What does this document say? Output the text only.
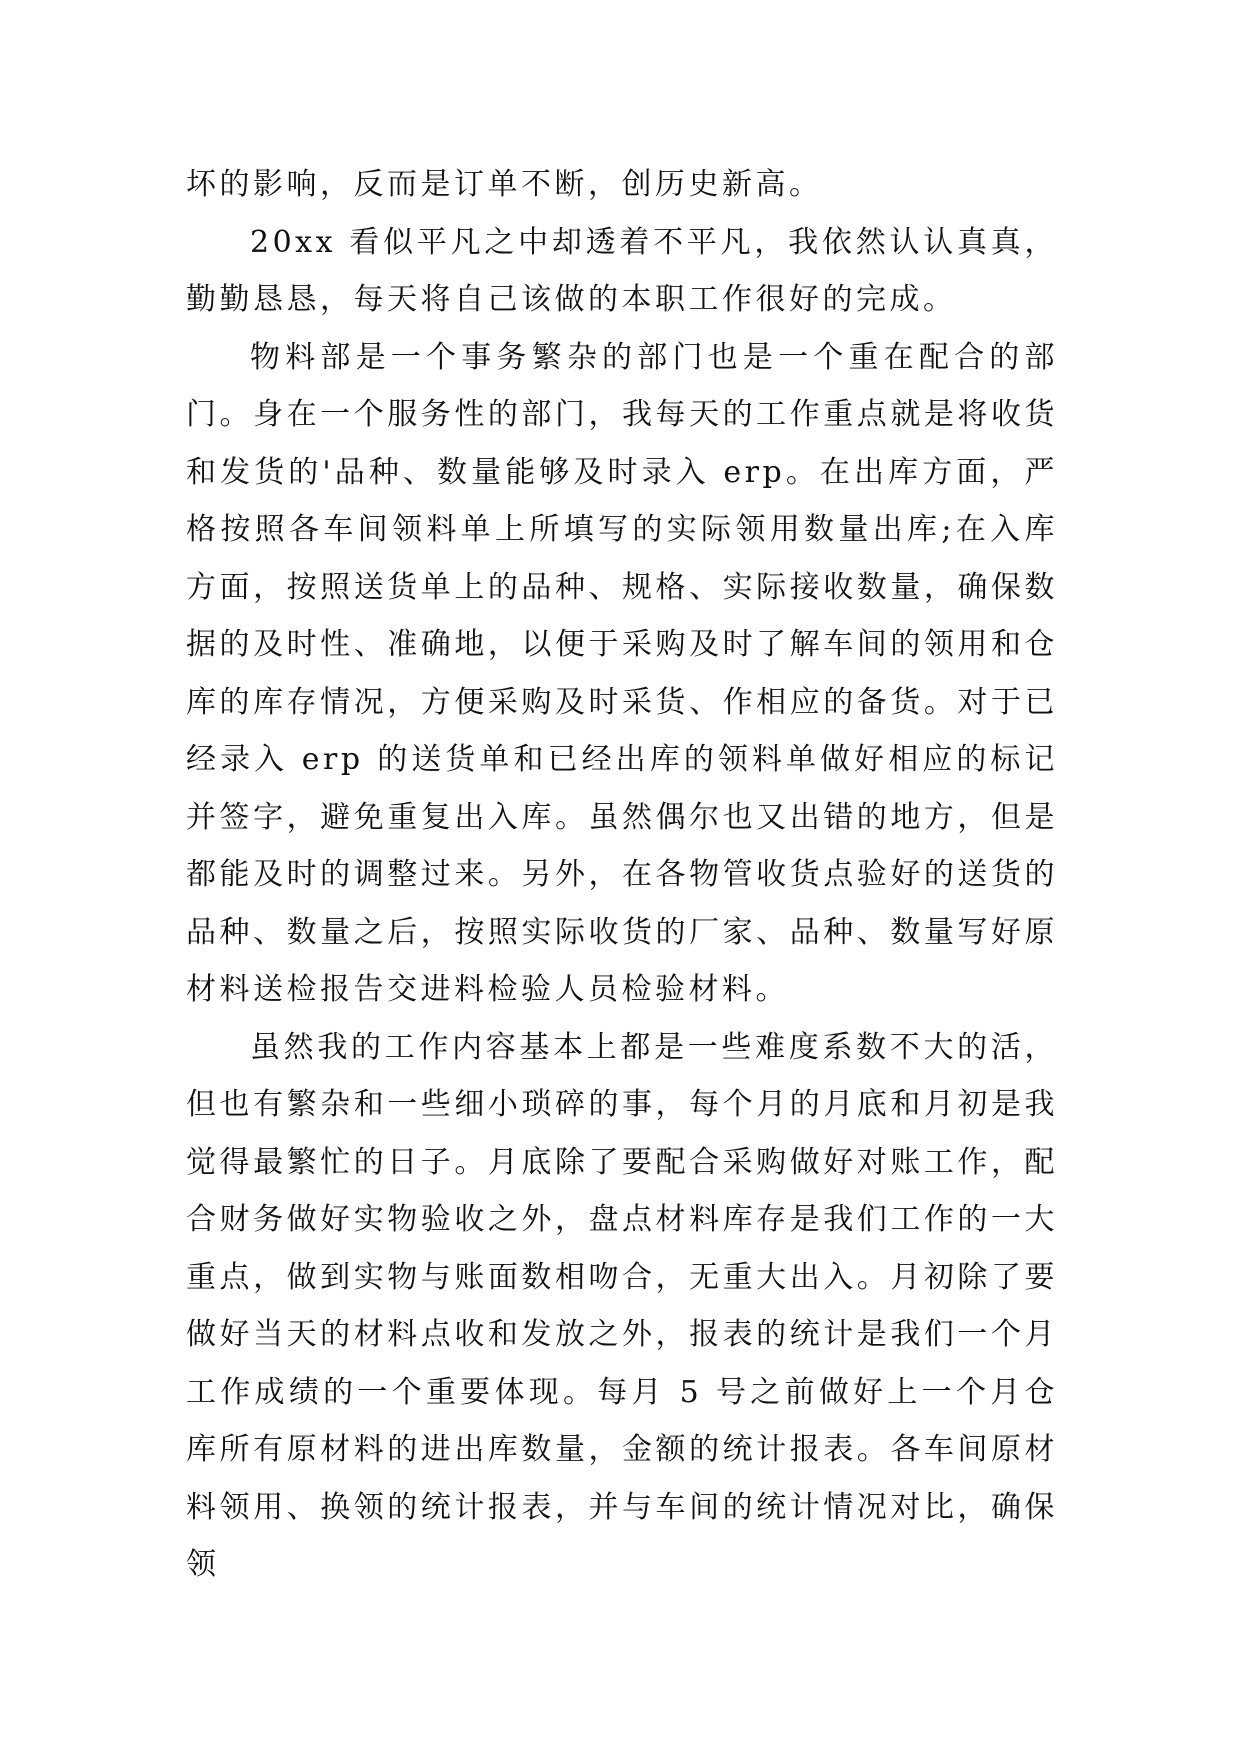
坏的影响，反而是订单不断，创历史新高。

20xx 看似平凡之中却透着不平凡，我依然认认真真，勤勤恳恳，每天将自己该做的本职工作很好的完成。

物料部是一个事务繁杂的部门也是一个重在配合的部门。身在一个服务性的部门，我每天的工作重点就是将收货和发货的'品种、数量能够及时录入 erp。在出库方面，严格按照各车间领料单上所填写的实际领用数量出库;在入库方面，按照送货单上的品种、规格、实际接收数量，确保数据的及时性、准确地，以便于采购及时了解车间的领用和仓库的库存情况，方便采购及时采货、作相应的备货。对于已经录入 erp 的送货单和已经出库的领料单做好相应的标记并签字，避免重复出入库。虽然偶尔也又出错的地方，但是都能及时的调整过来。另外，在各物管收货点验好的送货的品种、数量之后，按照实际收货的厂家、品种、数量写好原材料送检报告交进料检验人员检验材料。

虽然我的工作内容基本上都是一些难度系数不大的活，但也有繁杂和一些细小琐碎的事，每个月的月底和月初是我觉得最繁忙的日子。月底除了要配合采购做好对账工作，配合财务做好实物验收之外，盘点材料库存是我们工作的一大重点，做到实物与账面数相吻合，无重大出入。月初除了要做好当天的材料点收和发放之外，报表的统计是我们一个月工作成绩的一个重要体现。每月 5 号之前做好上一个月仓库所有原材料的进出库数量，金额的统计报表。各车间原材料领用、换领的统计报表，并与车间的统计情况对比，确保领
